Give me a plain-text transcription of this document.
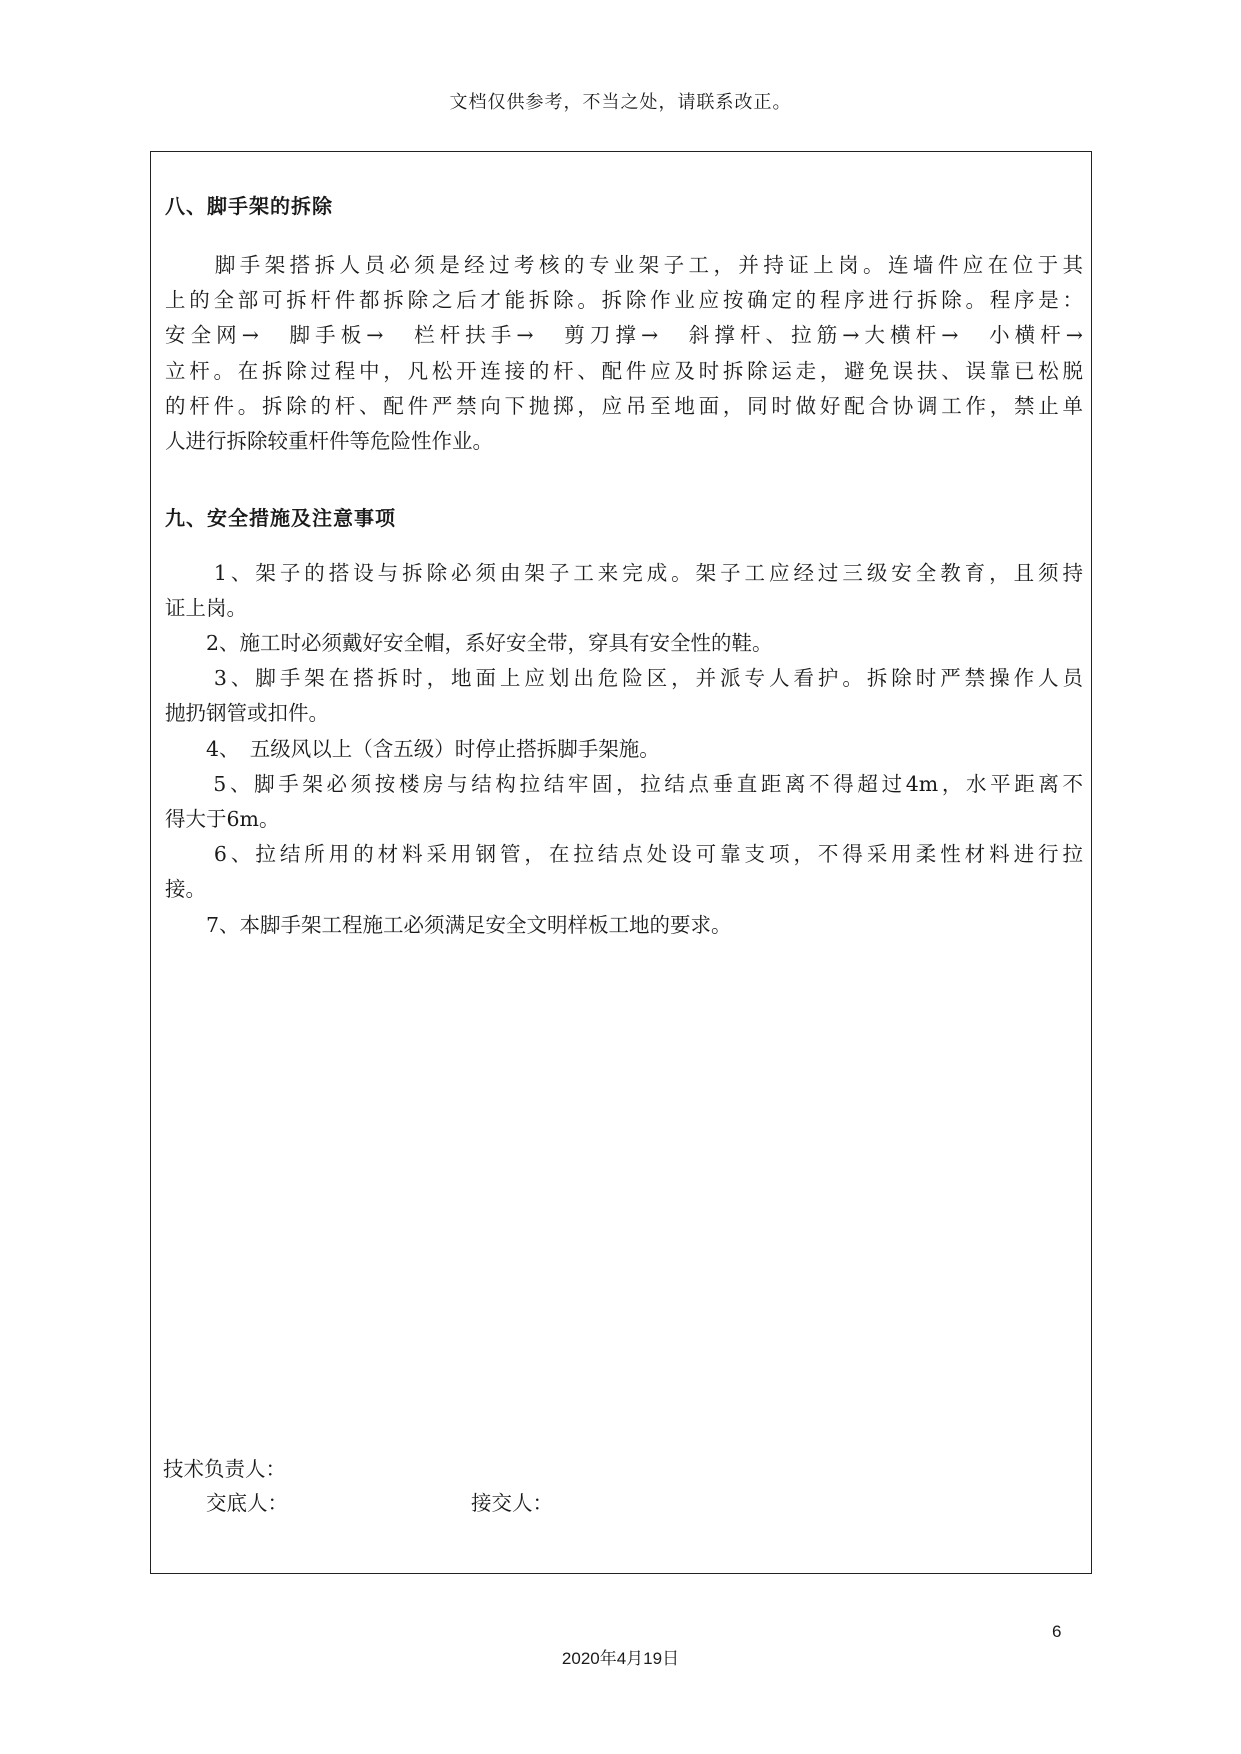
文档仅供参考，不当之处，请联系改正。
八、脚手架的拆除
　　脚手架搭拆人员必须是经过考核的专业架子工，并持证上岗。连墙件应在位于其
上的全部可拆杆件都拆除之后才能拆除。拆除作业应按确定的程序进行拆除。程序是：
安全网→　脚手板→　栏杆扶手→　剪刀撑→　斜撑杆、拉筋→大横杆→　小横杆→
立杆。在拆除过程中，凡松开连接的杆、配件应及时拆除运走，避免误扶、误靠已松脱
的杆件。拆除的杆、配件严禁向下抛掷，应吊至地面，同时做好配合协调工作，禁止单
人进行拆除较重杆件等危险性作业。
九、安全措施及注意事项
　　1、架子的搭设与拆除必须由架子工来完成。架子工应经过三级安全教育，且须持
证上岗。
　　2、施工时必须戴好安全帽，系好安全带，穿具有安全性的鞋。
　　3、脚手架在搭拆时，地面上应划出危险区，并派专人看护。拆除时严禁操作人员
抛扔钢管或扣件。
　　4、　五级风以上（含五级）时停止搭拆脚手架施。
　　5、脚手架必须按楼房与结构拉结牢固，拉结点垂直距离不得超过4m，水平距离不
得大于6m。
　　6、拉结所用的材料采用钢管，在拉结点处设可靠支项，不得采用柔性材料进行拉
接。
　　7、本脚手架工程施工必须满足安全文明样板工地的要求。
技术负责人：
交底人：	接交人：
6
2020年4月19日
